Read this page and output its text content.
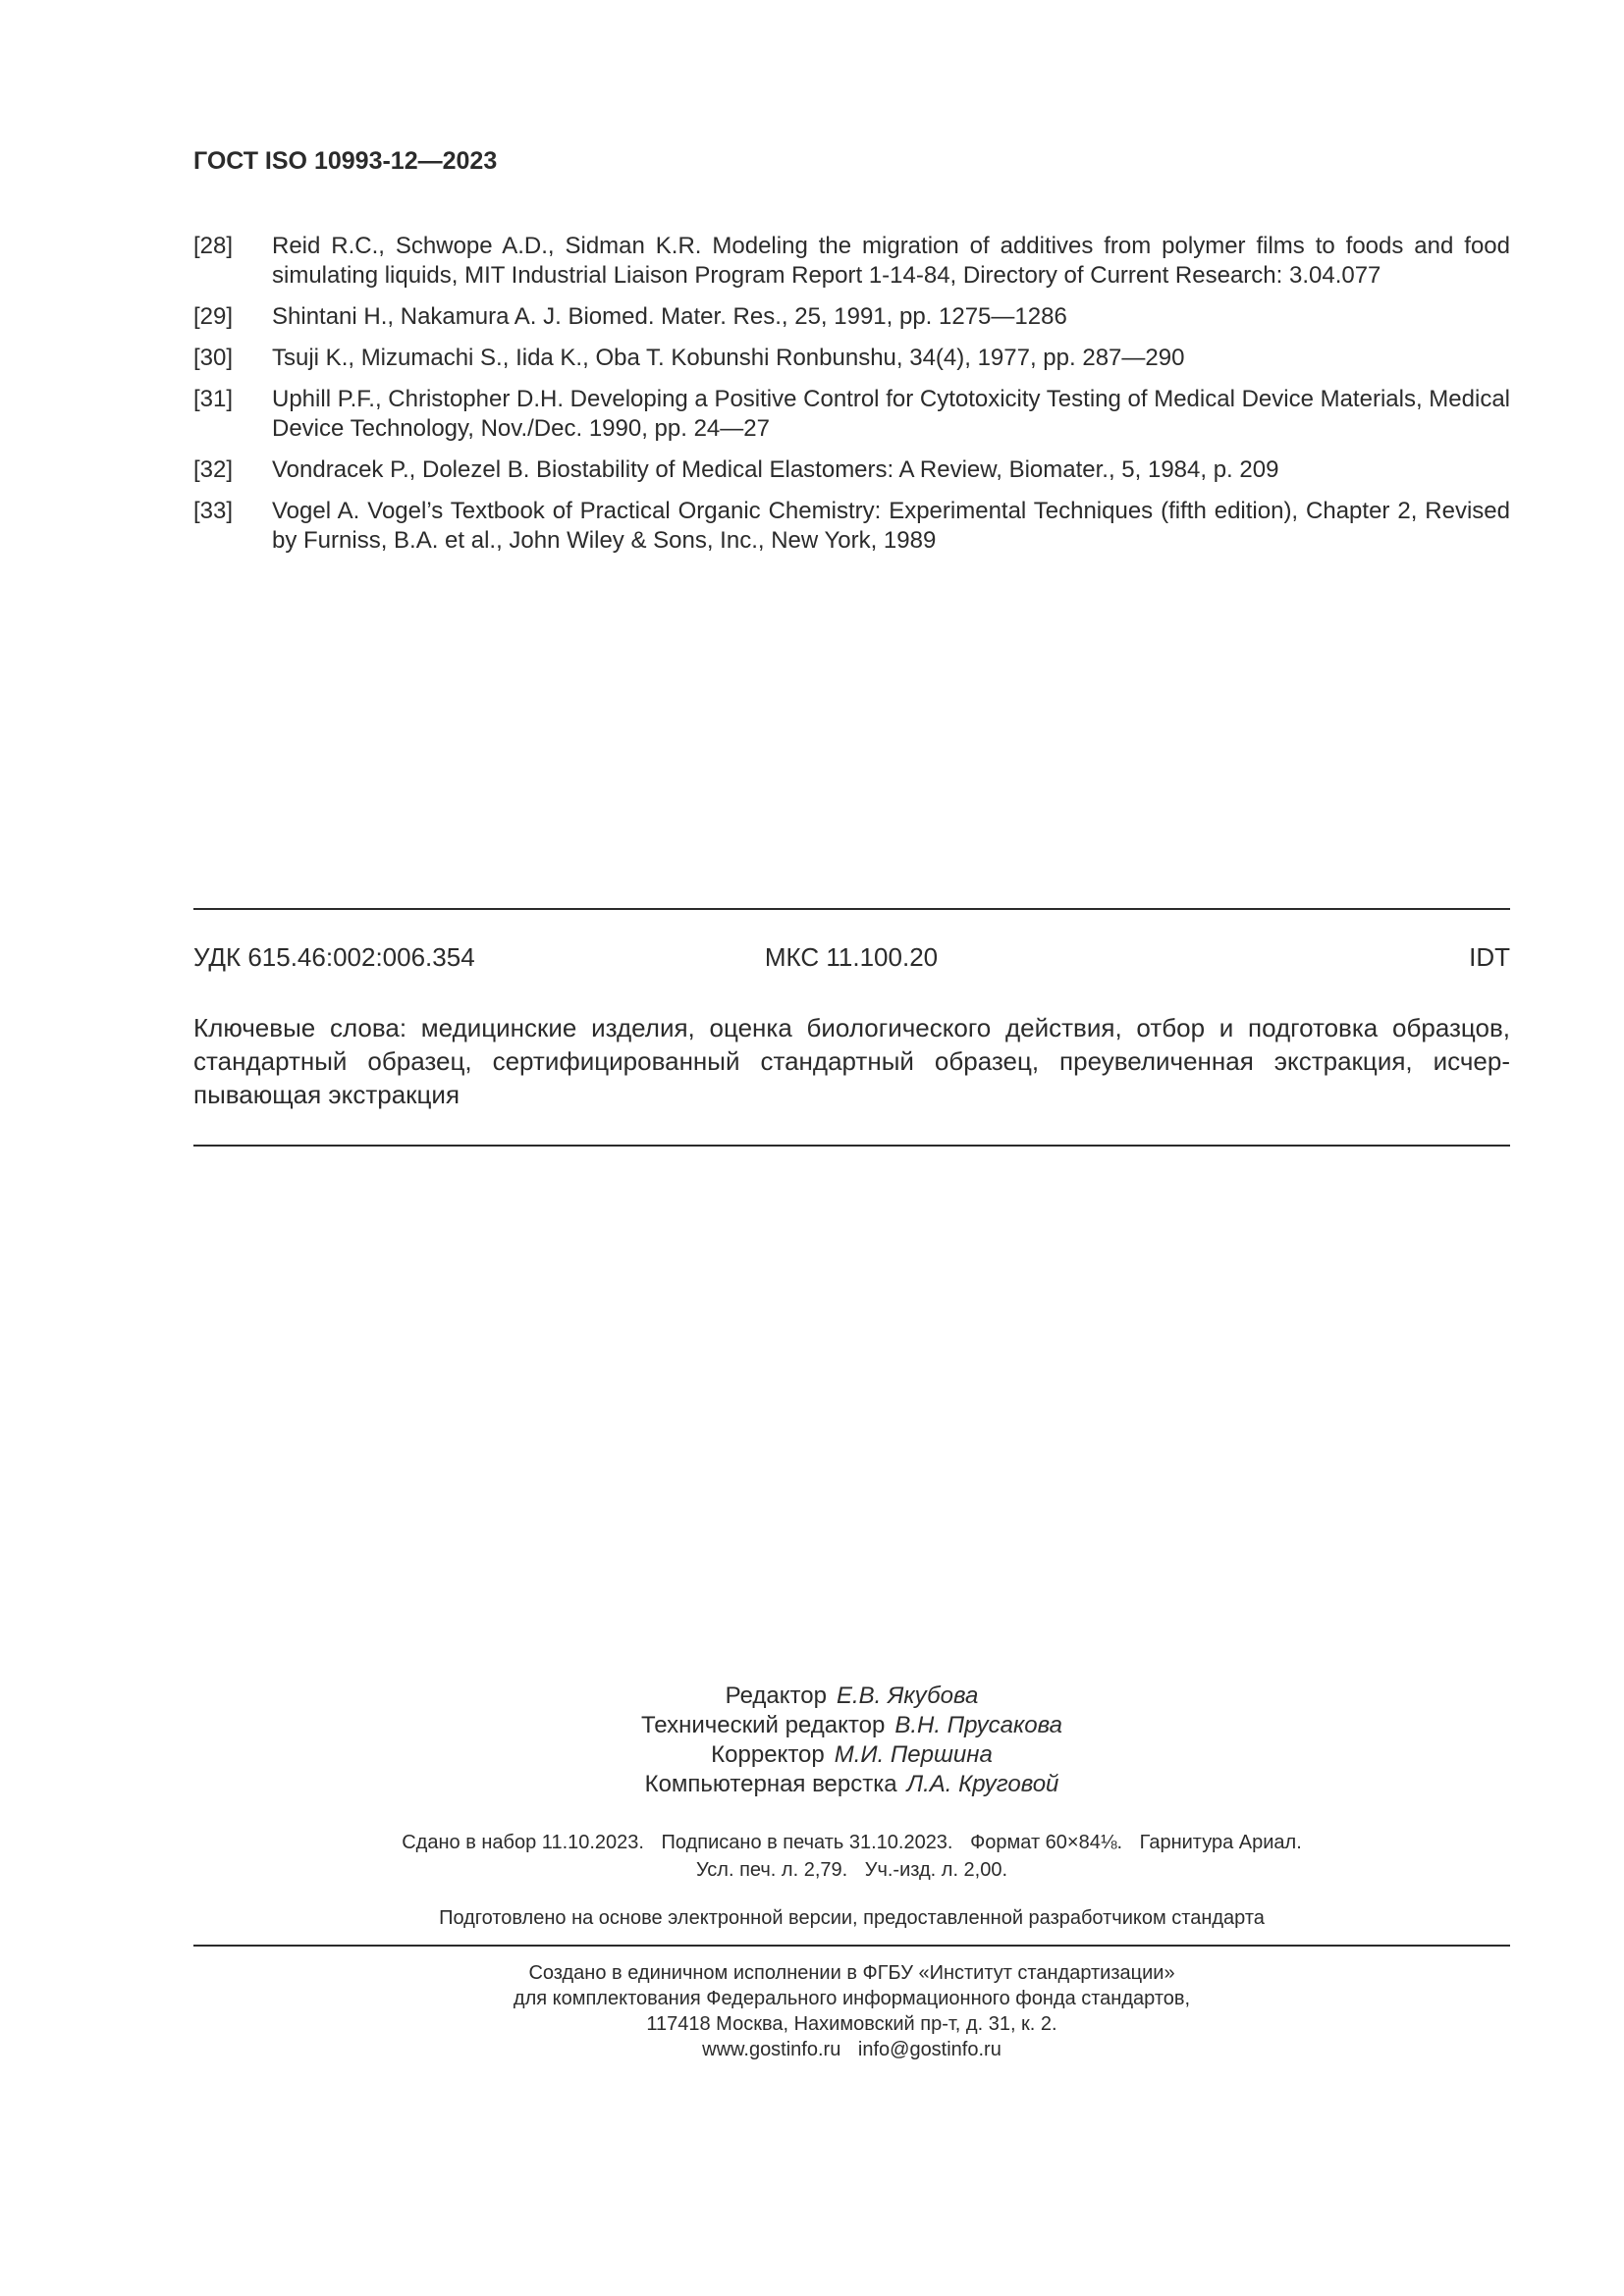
ГОСТ ISO 10993-12—2023
[28]	Reid R.C., Schwope A.D., Sidman K.R. Modeling the migration of additives from polymer films to foods and food simulating liquids, MIT Industrial Liaison Program Report 1-14-84, Directory of Current Research: 3.04.077
[29]	Shintani H., Nakamura A. J. Biomed. Mater. Res., 25, 1991, pp. 1275—1286
[30]	Tsuji K., Mizumachi S., Iida K., Oba T. Kobunshi Ronbunshu, 34(4), 1977, pp. 287—290
[31]	Uphill P.F., Christopher D.H. Developing a Positive Control for Cytotoxicity Testing of Medical Device Materials, Medical Device Technology, Nov./Dec. 1990, pp. 24—27
[32]	Vondracek P., Dolezel B. Biostability of Medical Elastomers: A Review, Biomater., 5, 1984, p. 209
[33]	Vogel A. Vogel’s Textbook of Practical Organic Chemistry: Experimental Techniques (fifth edition), Chapter 2, Revised by Furniss, B.A. et al., John Wiley & Sons, Inc., New York, 1989
УДК 615.46:002:006.354	МКС 11.100.20	IDT
Ключевые слова: медицинские изделия, оценка биологического действия, отбор и подготовка образцов, стандартный образец, сертифицированный стандартный образец, преувеличенная экстракция, исчерпывающая экстракция
Редактор Е.В. Якубова
Технический редактор В.Н. Прусакова
Корректор М.И. Першина
Компьютерная верстка Л.А. Круговой
Сдано в набор 11.10.2023. Подписано в печать 31.10.2023. Формат 60×84⅛. Гарнитура Ариал.
Усл. печ. л. 2,79. Уч.-изд. л. 2,00.
Подготовлено на основе электронной версии, предоставленной разработчиком стандарта
Создано в единичном исполнении в ФГБУ «Институт стандартизации»
для комплектования Федерального информационного фонда стандартов,
117418 Москва, Нахимовский пр-т, д. 31, к. 2.
www.gostinfo.ru info@gostinfo.ru
